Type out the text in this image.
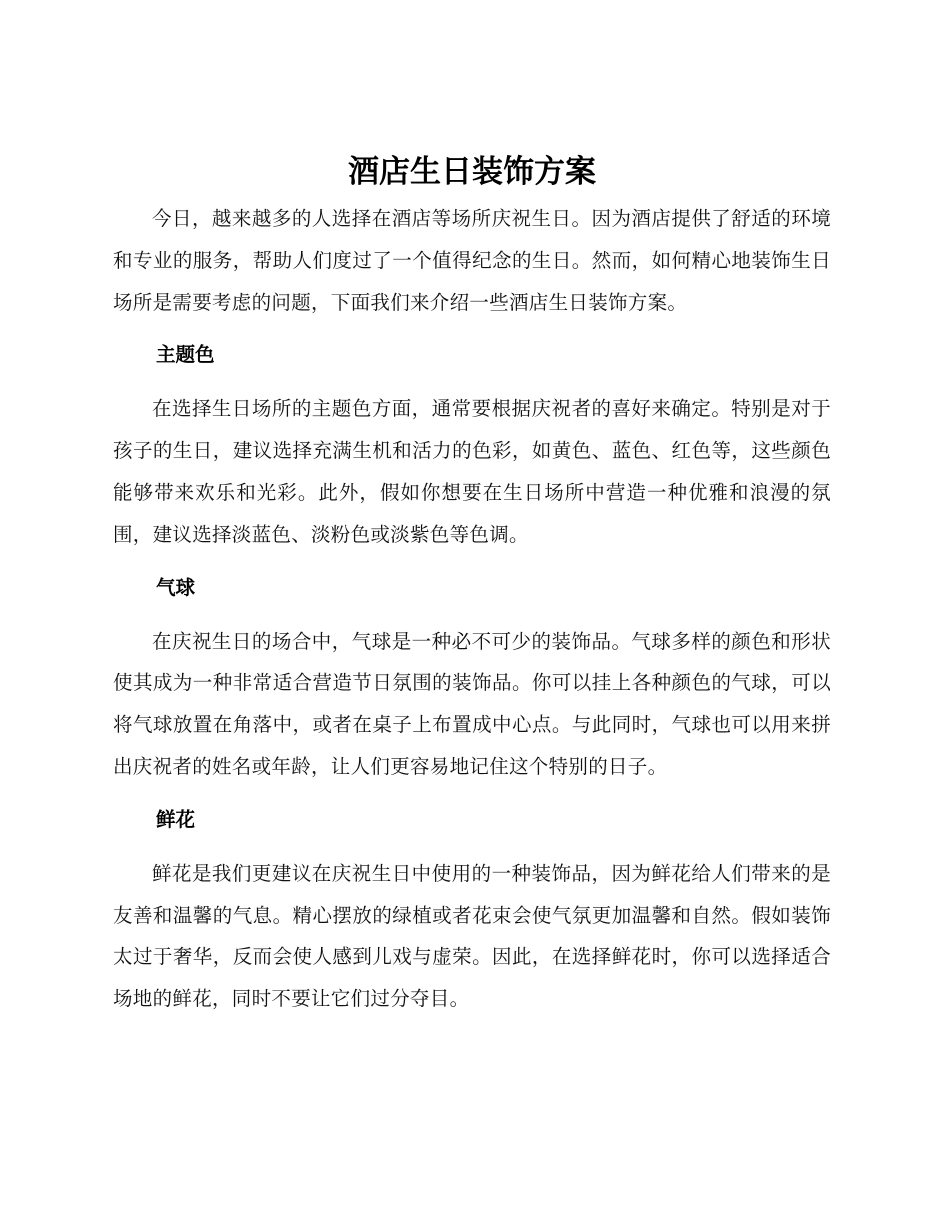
酒店生日装饰方案

今日，越来越多的人选择在酒店等场所庆祝生日。因为酒店提供了舒适的环境和专业的服务，帮助人们度过了一个值得纪念的生日。然而，如何精心地装饰生日场所是需要考虑的问题，下面我们来介绍一些酒店生日装饰方案。

主题色

在选择生日场所的主题色方面，通常要根据庆祝者的喜好来确定。特别是对于孩子的生日，建议选择充满生机和活力的色彩，如黄色、蓝色、红色等，这些颜色能够带来欢乐和光彩。此外，假如你想要在生日场所中营造一种优雅和浪漫的氛围，建议选择淡蓝色、淡粉色或淡紫色等色调。

气球

在庆祝生日的场合中，气球是一种必不可少的装饰品。气球多样的颜色和形状使其成为一种非常适合营造节日氛围的装饰品。你可以挂上各种颜色的气球，可以将气球放置在角落中，或者在桌子上布置成中心点。与此同时，气球也可以用来拼出庆祝者的姓名或年龄，让人们更容易地记住这个特别的日子。

鲜花

鲜花是我们更建议在庆祝生日中使用的一种装饰品，因为鲜花给人们带来的是友善和温馨的气息。精心摆放的绿植或者花束会使气氛更加温馨和自然。假如装饰太过于奢华，反而会使人感到儿戏与虚荣。因此，在选择鲜花时，你可以选择适合场地的鲜花，同时不要让它们过分夺目。
